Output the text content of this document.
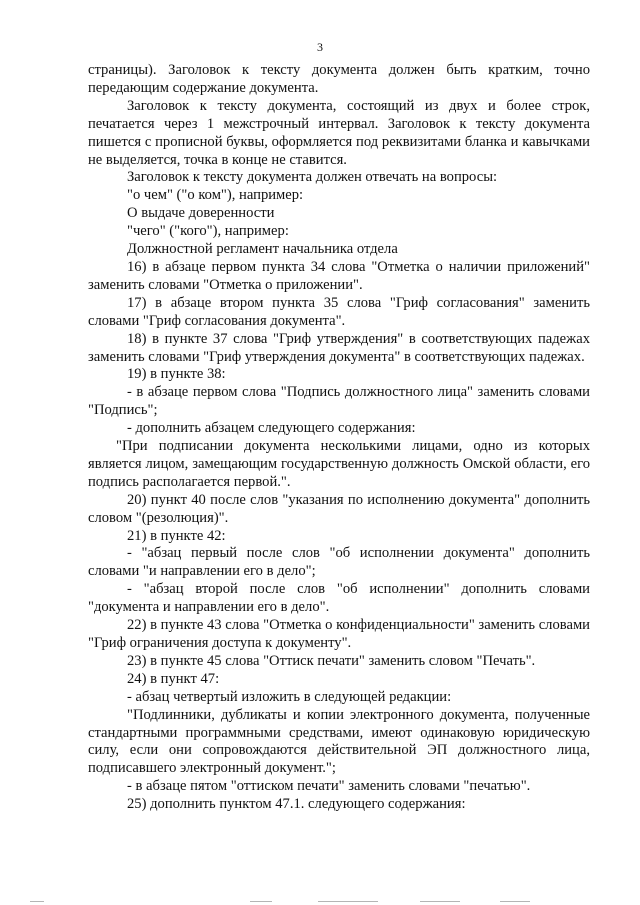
3

страницы). Заголовок к тексту документа должен быть кратким, точно передающим содержание документа.

Заголовок к тексту документа, состоящий из двух и более строк, печатается через 1 межстрочный интервал. Заголовок к тексту документа пишется с прописной буквы, оформляется под реквизитами бланка и кавычками не выделяется, точка в конце не ставится.

Заголовок к тексту документа должен отвечать на вопросы:

"о чем" ("о ком"), например:

О выдаче доверенности

"чего" ("кого"), например:

Должностной регламент начальника отдела

16) в абзаце первом пункта 34 слова "Отметка о наличии приложений" заменить словами "Отметка о приложении".

17) в абзаце втором пункта 35 слова "Гриф согласования" заменить словами "Гриф согласования документа".

18) в пункте 37 слова "Гриф утверждения" в соответствующих падежах заменить словами "Гриф утверждения документа" в соответствующих падежах.

19) в пункте 38:

- в абзаце первом слова "Подпись должностного лица" заменить словами "Подпись";

- дополнить абзацем следующего содержания:

"При подписании документа несколькими лицами, одно из которых является лицом, замещающим государственную должность Омской области, его подпись располагается первой.".

20) пункт 40 после слов "указания по исполнению документа" дополнить словом "(резолюция)".

21) в пункте 42:

- "абзац первый после слов "об исполнении документа" дополнить словами "и направлении его в дело";

- "абзац второй после слов "об исполнении" дополнить словами "документа и направлении его в дело".

22) в пункте 43 слова "Отметка о конфиденциальности" заменить словами "Гриф ограничения доступа к документу".

23) в пункте 45 слова "Оттиск печати" заменить словом "Печать".

24) в пункт 47:

- абзац четвертый изложить в следующей редакции:

"Подлинники, дубликаты и копии электронного документа, полученные стандартными программными средствами, имеют одинаковую юридическую силу, если они сопровождаются действительной ЭП должностного лица, подписавшего электронный документ.";

- в абзаце пятом "оттиском печати" заменить словами "печатью".

25) дополнить пунктом 47.1. следующего содержания:
